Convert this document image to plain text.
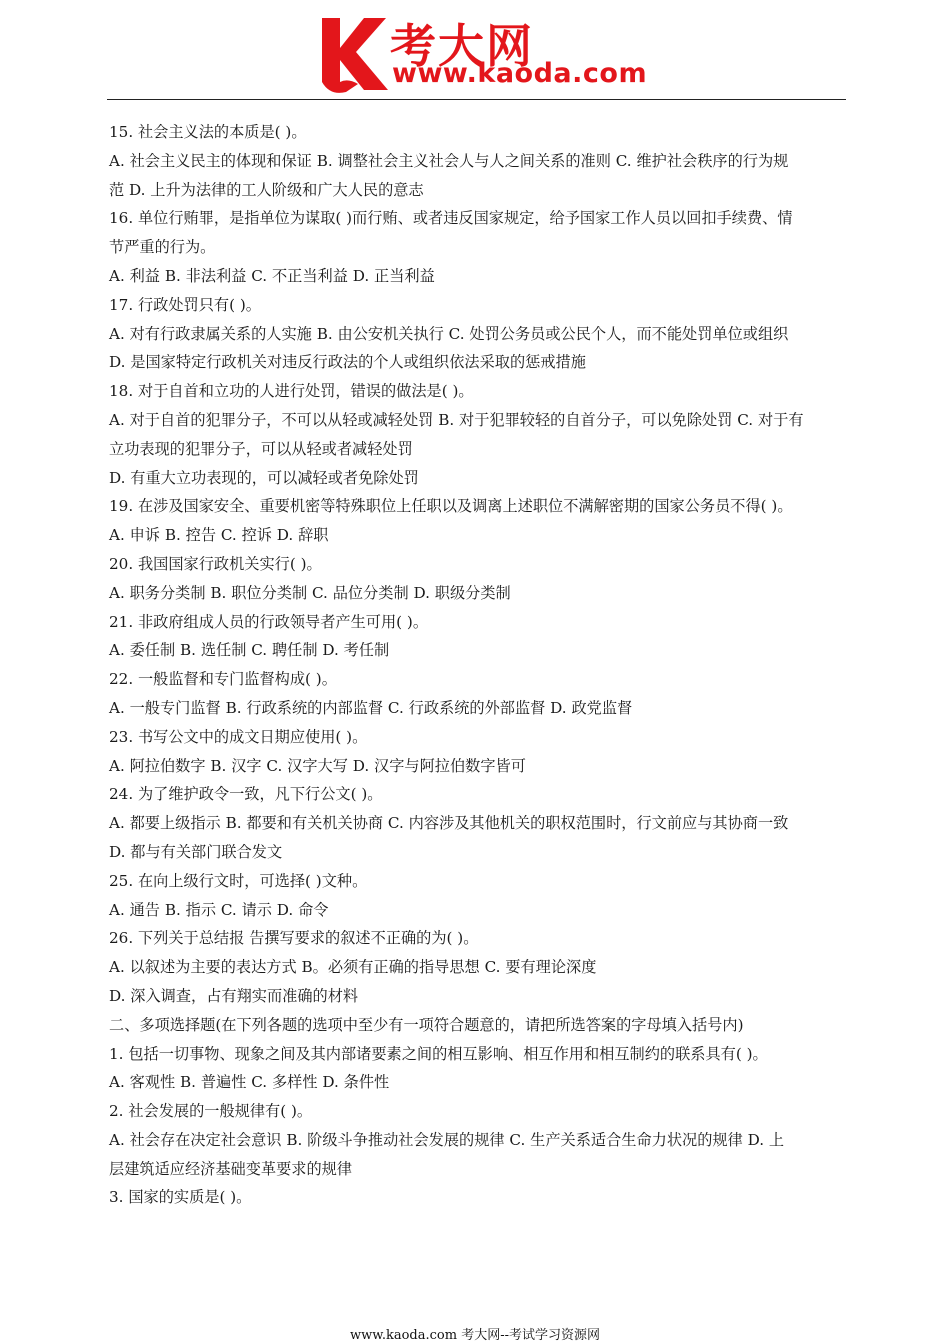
考大网
www.kaoda.com
15. 社会主义法的本质是( )。
A. 社会主义民主的体现和保证 B. 调整社会主义社会人与人之间关系的准则 C. 维护社会秩序的行为规
范 D. 上升为法律的工人阶级和广大人民的意志
16. 单位行贿罪，是指单位为谋取( )而行贿、或者违反国家规定，给予国家工作人员以回扣手续费、情
节严重的行为。
A. 利益 B. 非法利益 C. 不正当利益 D. 正当利益
17. 行政处罚只有( )。
A. 对有行政隶属关系的人实施 B. 由公安机关执行 C. 处罚公务员或公民个人，而不能处罚单位或组织
D. 是国家特定行政机关对违反行政法的个人或组织依法采取的惩戒措施
18. 对于自首和立功的人进行处罚，错误的做法是( )。
A. 对于自首的犯罪分子，不可以从轻或减轻处罚 B. 对于犯罪较轻的自首分子，可以免除处罚 C. 对于有
立功表现的犯罪分子，可以从轻或者减轻处罚
D. 有重大立功表现的，可以减轻或者免除处罚
19. 在涉及国家安全、重要机密等特殊职位上任职以及调离上述职位不满解密期的国家公务员不得( )。
A. 申诉 B. 控告 C. 控诉 D. 辞职
20. 我国国家行政机关实行( )。
A. 职务分类制 B. 职位分类制 C. 品位分类制 D. 职级分类制
21. 非政府组成人员的行政领导者产生可用( )。
A. 委任制 B. 选任制 C. 聘任制 D. 考任制
22. 一般监督和专门监督构成( )。
A. 一般专门监督 B. 行政系统的内部监督 C. 行政系统的外部监督 D. 政党监督
23. 书写公文中的成文日期应使用( )。
A. 阿拉伯数字 B. 汉字 C. 汉字大写 D. 汉字与阿拉伯数字皆可
24. 为了维护政令一致，凡下行公文( )。
A. 都要上级指示 B. 都要和有关机关协商 C. 内容涉及其他机关的职权范围时，行文前应与其协商一致
D. 都与有关部门联合发文
25. 在向上级行文时，可选择( )文种。
A. 通告 B. 指示 C. 请示 D. 命令
26. 下列关于总结报 告撰写要求的叙述不正确的为( )。
A. 以叙述为主要的表达方式 B。必须有正确的指导思想 C. 要有理论深度
D. 深入调查，占有翔实而准确的材料
二、多项选择题(在下列各题的选项中至少有一项符合题意的，请把所选答案的字母填入括号内)
1. 包括一切事物、现象之间及其内部诸要素之间的相互影响、相互作用和相互制约的联系具有( )。
A. 客观性 B. 普遍性 C. 多样性 D. 条件性
2. 社会发展的一般规律有( )。
A. 社会存在决定社会意识 B. 阶级斗争推动社会发展的规律 C. 生产关系适合生命力状况的规律 D. 上
层建筑适应经济基础变革要求的规律
3. 国家的实质是( )。
www.kaoda.com 考大网--考试学习资源网
